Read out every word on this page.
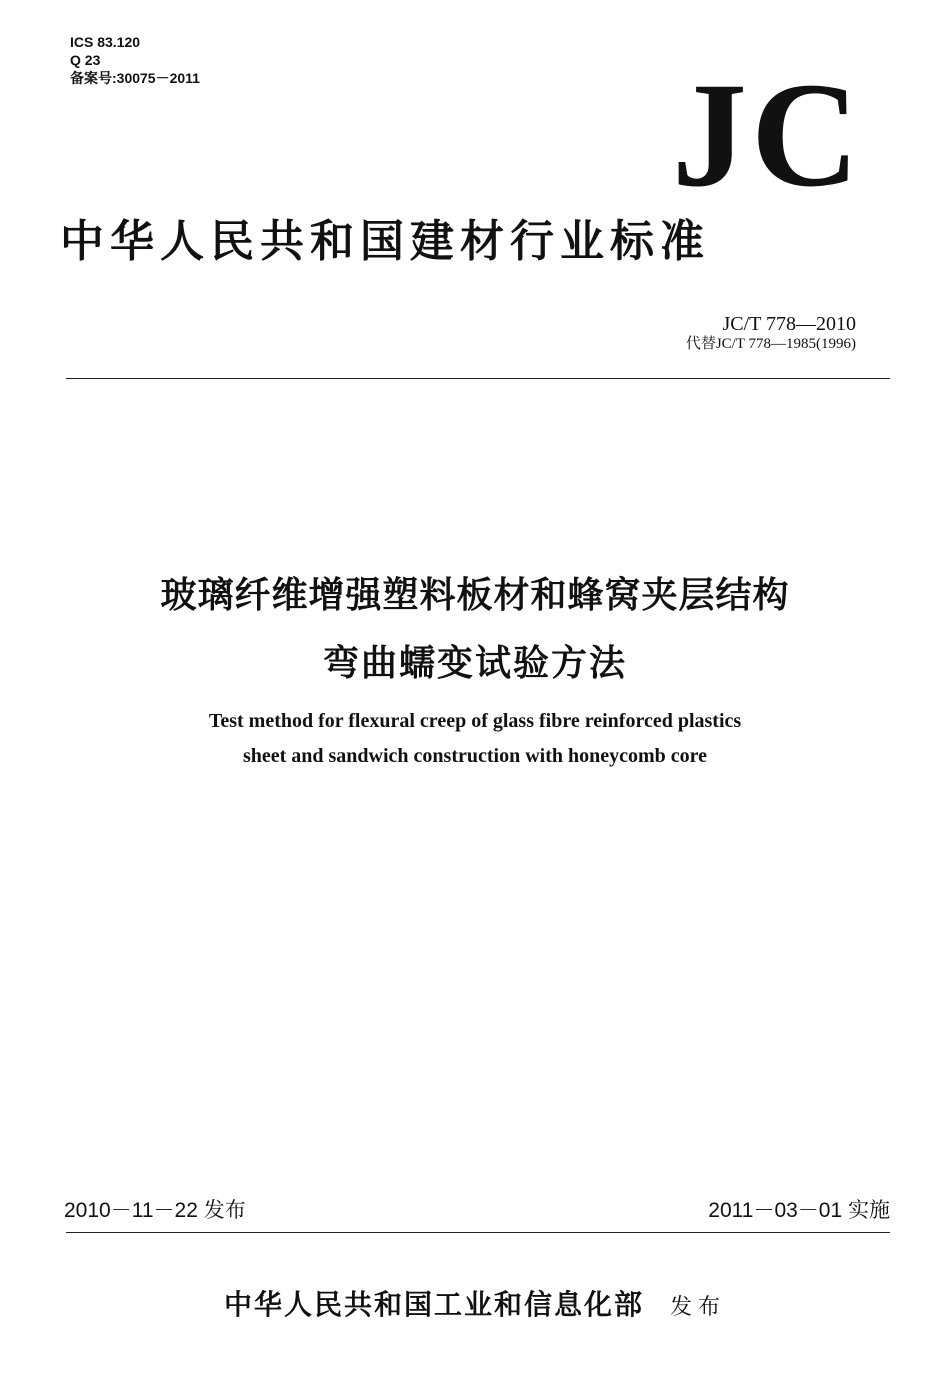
ICS 83.120
Q 23
备案号:30075－2011	JC
中华人民共和国建材行业标准
JC/T 778—2010
代替JC/T 778—1985(1996)
玻璃纤维增强塑料板材和蜂窝夹层结构
弯曲蠕变试验方法
Test method for flexural creep of glass fibre reinforced plastics
sheet and sandwich construction with honeycomb core
2010－11－22 发布	2011－03－01 实施
中华人民共和国工业和信息化部 发布
